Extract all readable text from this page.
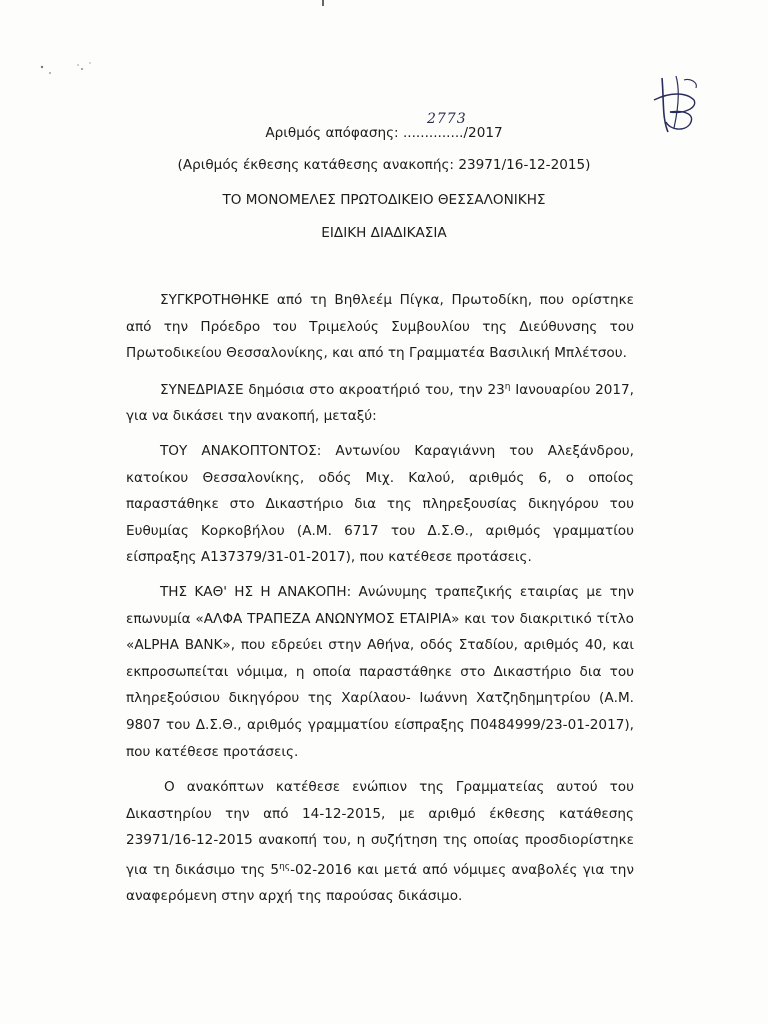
Αριθμός απόφασης: ..............
2773
/2017
(Αριθμός έκθεσης κατάθεσης ανακοπής: 23971/16-12-2015)
ΤΟ ΜΟΝΟΜΕΛΕΣ ΠΡΩΤΟΔΙΚΕΙΟ ΘΕΣΣΑΛΟΝΙΚΗΣ
ΕΙΔΙΚΗ ΔΙΑΔΙΚΑΣΙΑ

ΣΥΓΚΡΟΤΗΘΗΚΕ από τη Βηθλεέμ Πίγκα, Πρωτοδίκη, που ορίστηκε από την Πρόεδρο του Τριμελούς Συμβουλίου της Διεύθυνσης του Πρωτοδικείου Θεσσαλονίκης, και από τη Γραμματέα Βασιλική Μπλέτσου.

ΣΥΝΕΔΡΙΑΣΕ δημόσια στο ακροατήριό του, την $23^\eta$ Ιανουαρίου 2017, για να δικάσει την ανακοπή, μεταξύ:

ΤΟΥ ΑΝΑΚΟΠΤΟΝΤΟΣ: Αντωνίου Καραγιάννη του Αλεξάνδρου, κατοίκου Θεσσαλονίκης, οδός Μιχ. Καλού, αριθμός 6, ο οποίος παραστάθηκε στο Δικαστήριο δια της πληρεξουσίας δικηγόρου του Ευθυμίας Κορκοβήλου (Α.Μ. 6717 του Δ.Σ.Θ., αριθμός γραμματίου είσπραξης Α137379/31-01-2017), που κατέθεσε προτάσεις.

ΤΗΣ ΚΑΘ' ΗΣ Η ΑΝΑΚΟΠΗ: Ανώνυμης τραπεζικής εταιρίας με την επωνυμία «ΑΛΦΑ ΤΡΑΠΕΖΑ ΑΝΩΝΥΜΟΣ ΕΤΑΙΡΙΑ» και τον διακριτικό τίτλο «ALPHA BANK», που εδρεύει στην Αθήνα, οδός Σταδίου, αριθμός 40, και εκπροσωπείται νόμιμα, η οποία παραστάθηκε στο Δικαστήριο δια του πληρεξούσιου δικηγόρου της Χαρίλαου- Ιωάννη Χατζηδημητρίου (Α.Μ. 9807 του Δ.Σ.Θ., αριθμός γραμματίου είσπραξης Π0484999/23-01-2017), που κατέθεσε προτάσεις.

Ο ανακόπτων κατέθεσε ενώπιον της Γραμματείας αυτού του Δικαστηρίου την από 14-12-2015, με αριθμό έκθεσης κατάθεσης 23971/16-12-2015 ανακοπή του, η συζήτηση της οποίας προσδιορίστηκε για τη δικάσιμο της $5^{\eta\varsigma}-02-2016$ και μετά από νόμιμες αναβολές για την αναφερόμενη στην αρχή της παρούσας δικάσιμο.
